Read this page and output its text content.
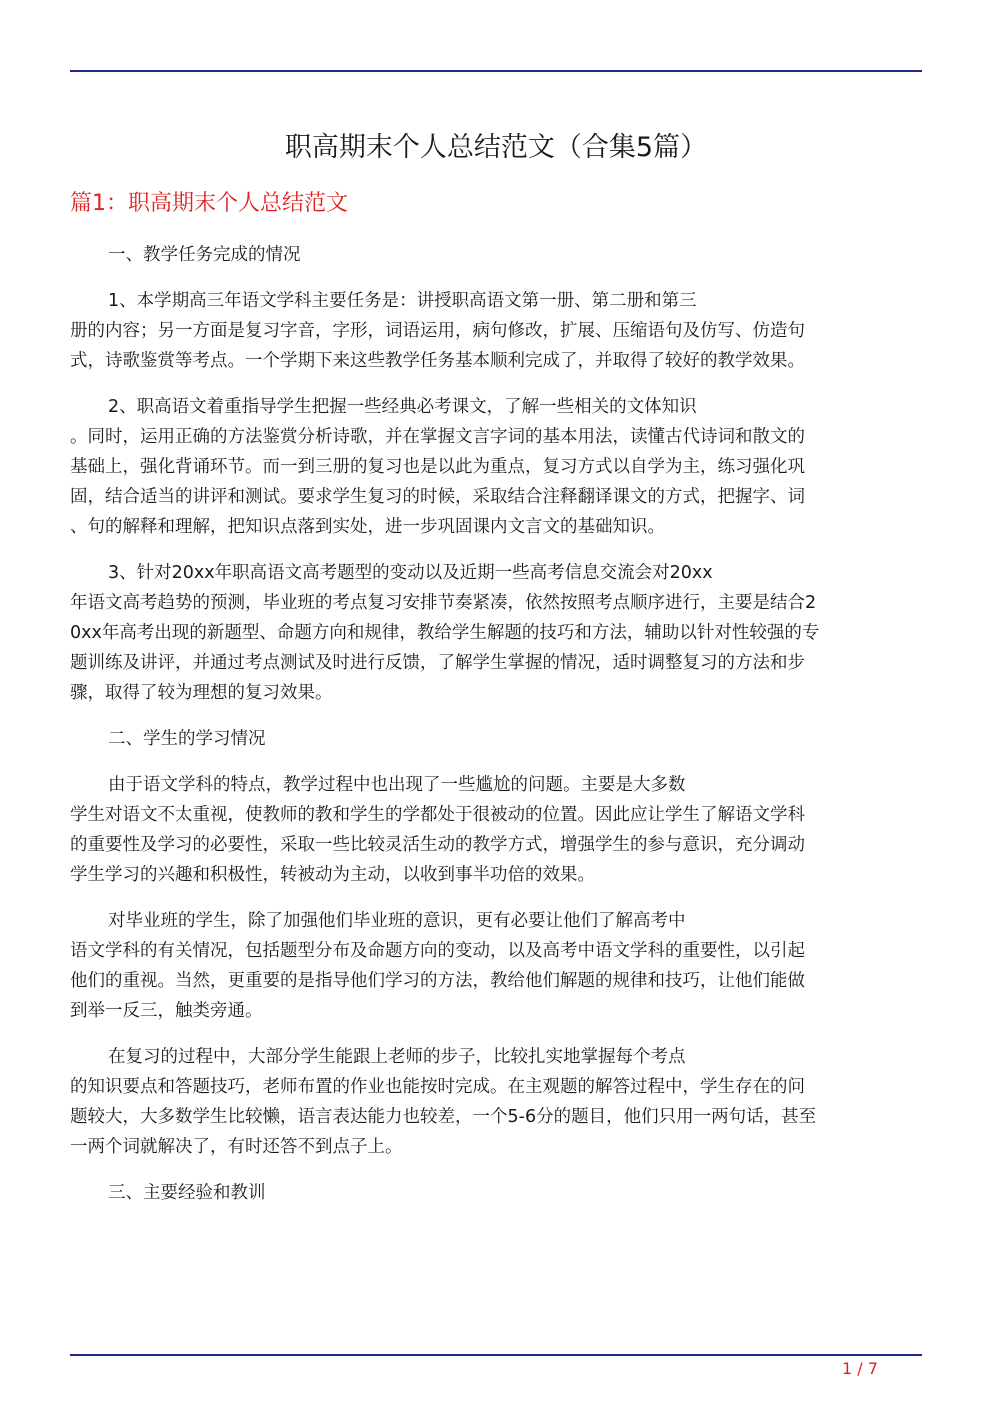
职高期末个人总结范文（合集5篇）
篇1：职高期末个人总结范文

一、教学任务完成的情况

1、本学期高三年语文学科主要任务是：讲授职高语文第一册、第二册和第三
册的内容；另一方面是复习字音，字形，词语运用，病句修改，扩展、压缩语句及仿写、仿造句
式，诗歌鉴赏等考点。一个学期下来这些教学任务基本顺利完成了，并取得了较好的教学效果。

2、职高语文着重指导学生把握一些经典必考课文，了解一些相关的文体知识
。同时，运用正确的方法鉴赏分析诗歌，并在掌握文言字词的基本用法，读懂古代诗词和散文的
基础上，强化背诵环节。而一到三册的复习也是以此为重点，复习方式以自学为主，练习强化巩
固，结合适当的讲评和测试。要求学生复习的时候，采取结合注释翻译课文的方式，把握字、词
、句的解释和理解，把知识点落到实处，进一步巩固课内文言文的基础知识。

3、针对20xx年职高语文高考题型的变动以及近期一些高考信息交流会对20xx
年语文高考趋势的预测，毕业班的考点复习安排节奏紧凑，依然按照考点顺序进行，主要是结合2
0xx年高考出现的新题型、命题方向和规律，教给学生解题的技巧和方法，辅助以针对性较强的专
题训练及讲评，并通过考点测试及时进行反馈，了解学生掌握的情况，适时调整复习的方法和步
骤，取得了较为理想的复习效果。

二、学生的学习情况

由于语文学科的特点，教学过程中也出现了一些尴尬的问题。主要是大多数
学生对语文不太重视，使教师的教和学生的学都处于很被动的位置。因此应让学生了解语文学科
的重要性及学习的必要性，采取一些比较灵活生动的教学方式，增强学生的参与意识，充分调动
学生学习的兴趣和积极性，转被动为主动，以收到事半功倍的效果。

对毕业班的学生，除了加强他们毕业班的意识，更有必要让他们了解高考中
语文学科的有关情况，包括题型分布及命题方向的变动，以及高考中语文学科的重要性，以引起
他们的重视。当然，更重要的是指导他们学习的方法，教给他们解题的规律和技巧，让他们能做
到举一反三，触类旁通。

在复习的过程中，大部分学生能跟上老师的步子，比较扎实地掌握每个考点
的知识要点和答题技巧，老师布置的作业也能按时完成。在主观题的解答过程中，学生存在的问
题较大，大多数学生比较懒，语言表达能力也较差，一个5-6分的题目，他们只用一两句话，甚至
一两个词就解决了，有时还答不到点子上。

三、主要经验和教训

1 / 7
